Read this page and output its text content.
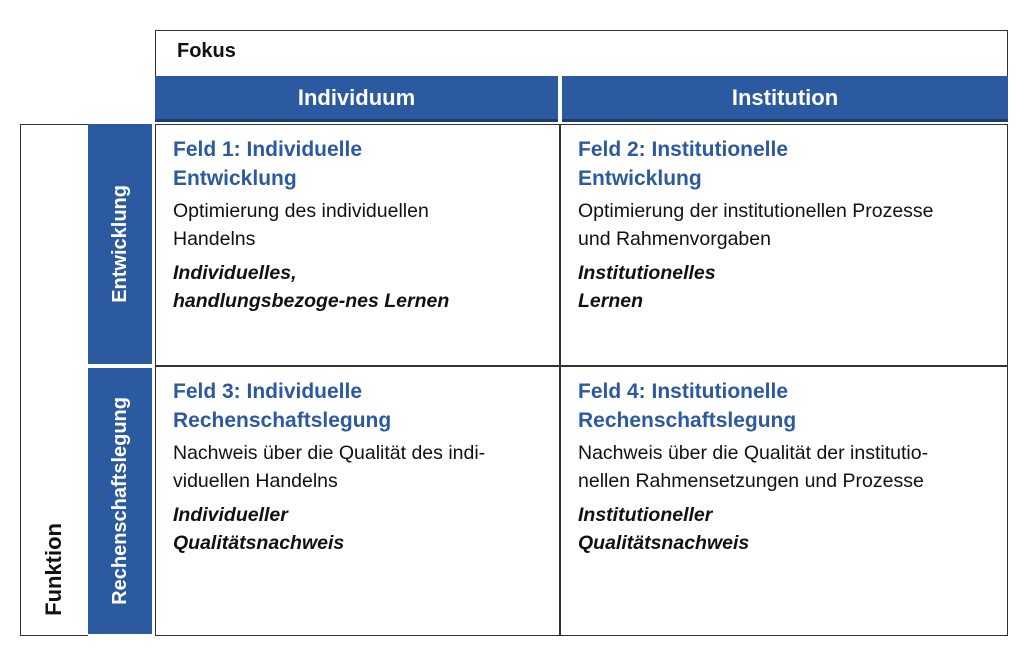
Fokus
Individuum	Institution
Funktion
Entwicklung
Rechenschaftslegung

Feld 1: Individuelle
Entwicklung

Optimierung des individuellen
Handelns

Individuelles,
handlungsbezoge-nes Lernen

Feld 2: Institutionelle
Entwicklung

Optimierung der institutionellen Prozesse
und Rahmenvorgaben

Institutionelles
Lernen

Feld 3: Individuelle
Rechenschaftslegung

Nachweis über die Qualität des indi-
viduellen Handelns

Individueller
Qualitätsnachweis

Feld 4: Institutionelle
Rechenschaftslegung

Nachweis über die Qualität der institutio-
nellen Rahmensetzungen und Prozesse

Institutioneller
Qualitätsnachweis
